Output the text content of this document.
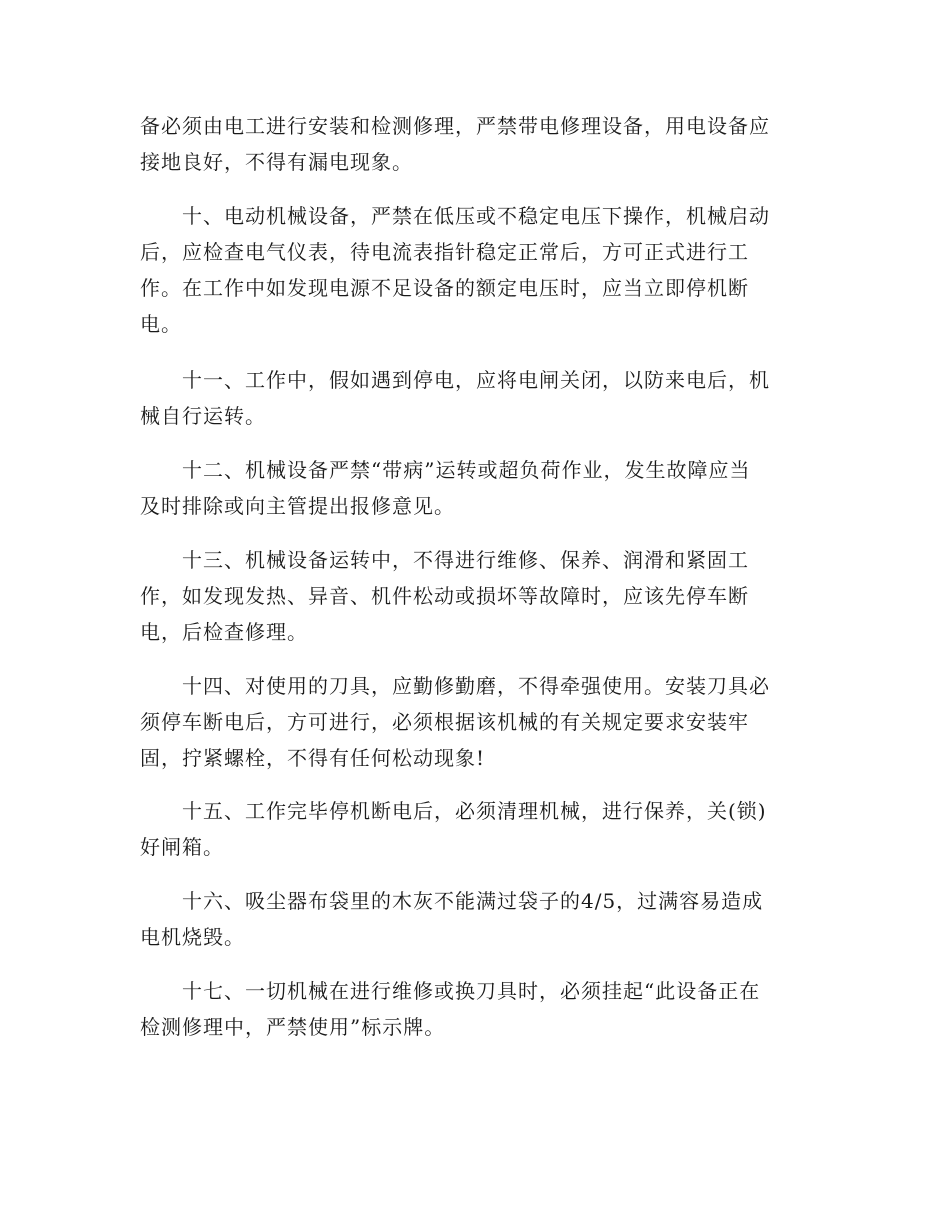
备必须由电工进行安装和检测修理，严禁带电修理设备，用电设备应
接地良好，不得有漏电现象。
　　十、电动机械设备，严禁在低压或不稳定电压下操作，机械启动
后，应检查电气仪表，待电流表指针稳定正常后，方可正式进行工
作。在工作中如发现电源不足设备的额定电压时，应当立即停机断
电。
　　十一、工作中，假如遇到停电，应将电闸关闭，以防来电后，机
械自行运转。
　　十二、机械设备严禁“带病”运转或超负荷作业，发生故障应当
及时排除或向主管提出报修意见。
　　十三、机械设备运转中，不得进行维修、保养、润滑和紧固工
作，如发现发热、异音、机件松动或损坏等故障时，应该先停车断
电，后检查修理。
　　十四、对使用的刀具，应勤修勤磨，不得牵强使用。安装刀具必
须停车断电后，方可进行，必须根据该机械的有关规定要求安装牢
固，拧紧螺栓，不得有任何松动现象!
　　十五、工作完毕停机断电后，必须清理机械，进行保养，关(锁)
好闸箱。
　　十六、吸尘器布袋里的木灰不能满过袋子的4/5，过满容易造成
电机烧毁。
　　十七、一切机械在进行维修或换刀具时，必须挂起“此设备正在
检测修理中，严禁使用”标示牌。
